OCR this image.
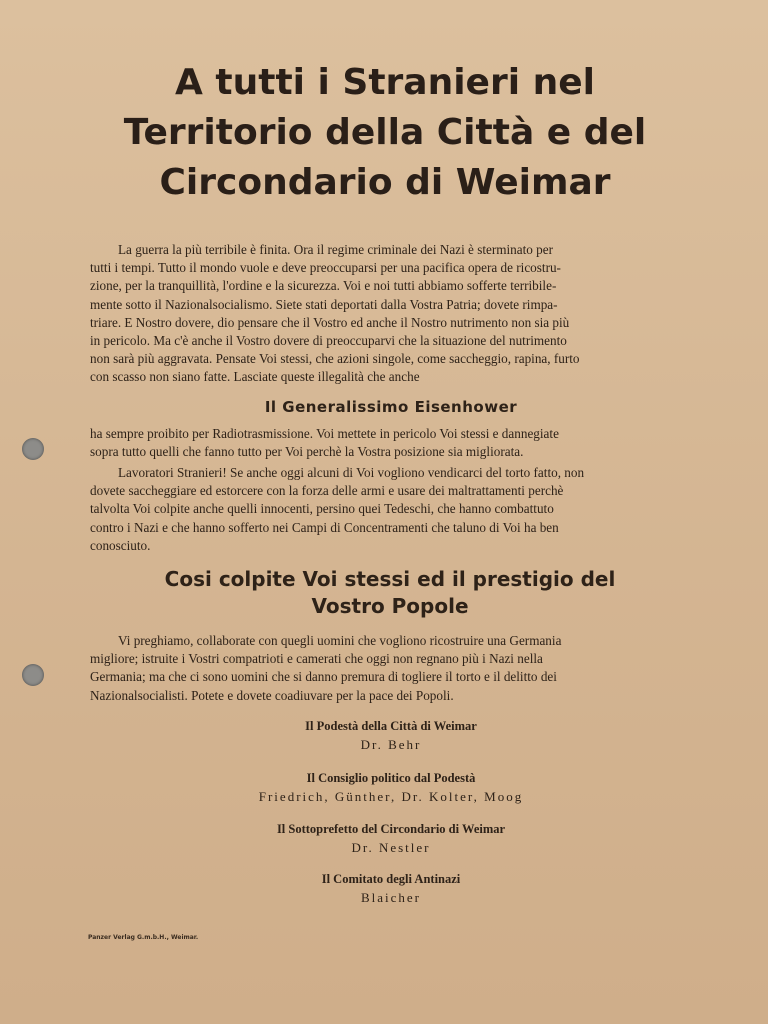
A tutti i Stranieri nel
Territorio della Città e del
Circondario di Weimar

La guerra la più terribile è finita. Ora il regime criminale dei Nazi è sterminato per

tutti i tempi. Tutto il mondo vuole e deve preoccuparsi per una pacifica opera de ricostru-

zione, per la tranquillità, l'ordine e la sicurezza. Voi e noi tutti abbiamo sofferte terribile-

mente sotto il Nazionalsocialismo. Siete stati deportati dalla Vostra Patria; dovete rimpa-

triare. E Nostro dovere, dio pensare che il Vostro ed anche il Nostro nutrimento non sia più

in pericolo. Ma c'è anche il Vostro dovere di preoccuparvi che la situazione del nutrimento

non sarà più aggravata. Pensate Voi stessi, che azioni singole, come saccheggio, rapina, furto

con scasso non siano fatte. Lasciate queste illegalità che anche

Il Generalissimo Eisenhower

ha sempre proibito per Radiotrasmissione. Voi mettete in pericolo Voi stessi e dannegiate

sopra tutto quelli che fanno tutto per Voi perchè la Vostra posizione sia migliorata.

Lavoratori Stranieri! Se anche oggi alcuni di Voi vogliono vendicarci del torto fatto, non

dovete saccheggiare ed estorcere con la forza delle armi e usare dei maltrattamenti perchè

talvolta Voi colpite anche quelli innocenti, persino quei Tedeschi, che hanno combattuto

contro i Nazi e che hanno sofferto nei Campi di Concentramenti che taluno di Voi ha ben

conosciuto.

Cosi colpite Voi stessi ed il prestigio del
Vostro Popole

Vi preghiamo, collaborate con quegli uomini che vogliono ricostruire una Germania

migliore; istruite i Vostri compatrioti e camerati che oggi non regnano più i Nazi nella

Germania; ma che ci sono uomini che si danno premura di togliere il torto e il delitto dei

Nazionalsocialisti. Potete e dovete coadiuvare per la pace dei Popoli.

Il Podestà della Città di Weimar
Dr. Behr
Il Consiglio politico dal Podestà
Friedrich, Günther, Dr. Kolter, Moog
Il Sottoprefetto del Circondario di Weimar
Dr. Nestler
Il Comitato degli Antinazi
Blaicher
Panzer Verlag G.m.b.H., Weimar.
